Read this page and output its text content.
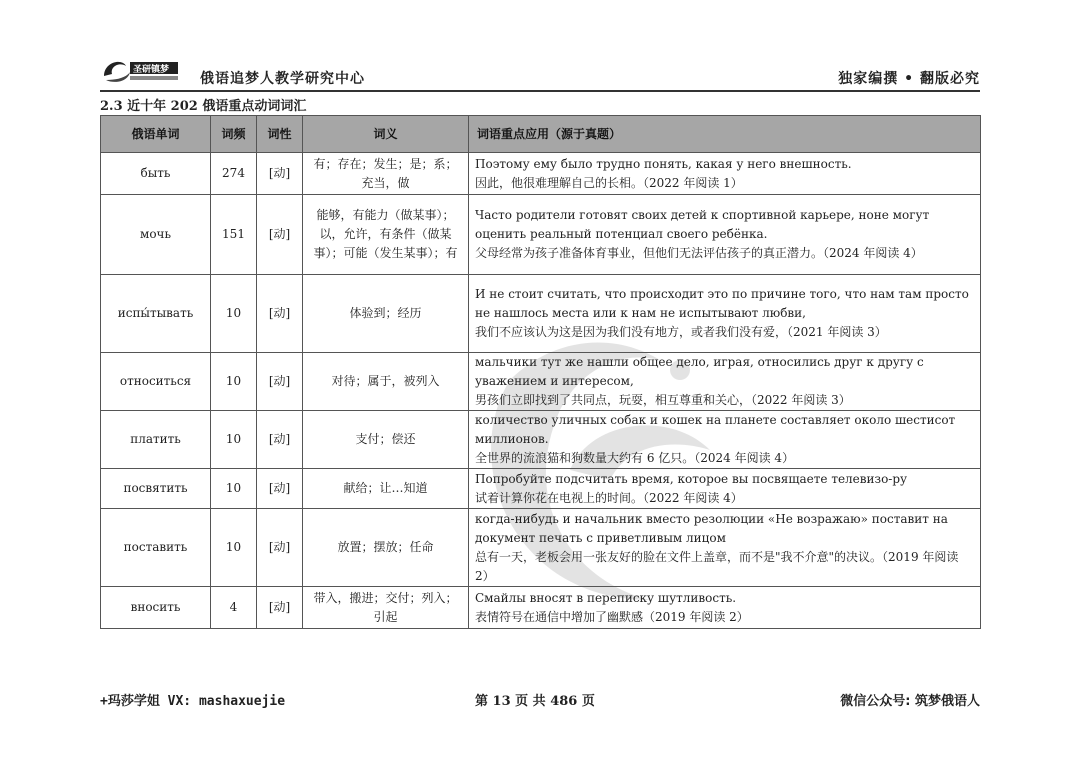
圣研镇梦
俄语追梦人教学研究中心	独家编撰 • 翻版必究
2.3 近十年 202 俄语重点动词词汇
俄语单词	词频	词性	词义	词语重点应用（源于真题）
быть	274	[动]	有；存在；发生；是；系；充当，做	Поэтому ему было трудно понять, какая у него внешность.
因此，他很难理解自己的长相。（2022 年阅读 1）

мочь	151	[动]	能够，有能力（做某事）；以，允许，有条件（做某事）；可能（发生某事）；有	Часто родители готовят своих детей к спортивной карьере, ноне могут оценить реальный потенциал своего ребёнка.
父母经常为孩子准备体育事业，但他们无法评估孩子的真正潜力。（2024 年阅读 4）

испы́тывать	10	[动]	体验到；经历	И не стоит считать, что происходит это по причине того, что нам там просто не нашлось места или к нам не испытывают любви,
我们不应该认为这是因为我们没有地方，或者我们没有爱，（2021 年阅读 3）

относиться	10	[动]	对待；属于，被列入	мальчики тут же нашли общее дело, играя, относились друг к другу с уважением и интересом,
男孩们立即找到了共同点，玩耍，相互尊重和关心，（2022 年阅读 3）

платить	10	[动]	支付；偿还	количество уличных собак и кошек на планете составляет около шестисот миллионов.
全世界的流浪猫和狗数量大约有 6 亿只。（2024 年阅读 4）

посвятить	10	[动]	献给；让…知道	Попробуйте подсчитать время, которое вы посвящаете телевизо-ру
试着计算你花在电视上的时间。（2022 年阅读 4）

поставить	10	[动]	放置；摆放；任命	когда-нибудь и начальник вместо резолюции «Не возражаю» поставит на документ печать с приветливым лицом
总有一天，老板会用一张友好的脸在文件上盖章，而不是"我不介意"的决议。（2019 年阅读 2）

вносить	4	[动]	带入，搬进；交付；列入；引起	Смайлы вносят в переписку шутливость.
表情符号在通信中增加了幽默感（2019 年阅读 2）
+玛莎学姐 VX: mashaxuejie	第 13 页 共 486 页	微信公众号: 筑梦俄语人
